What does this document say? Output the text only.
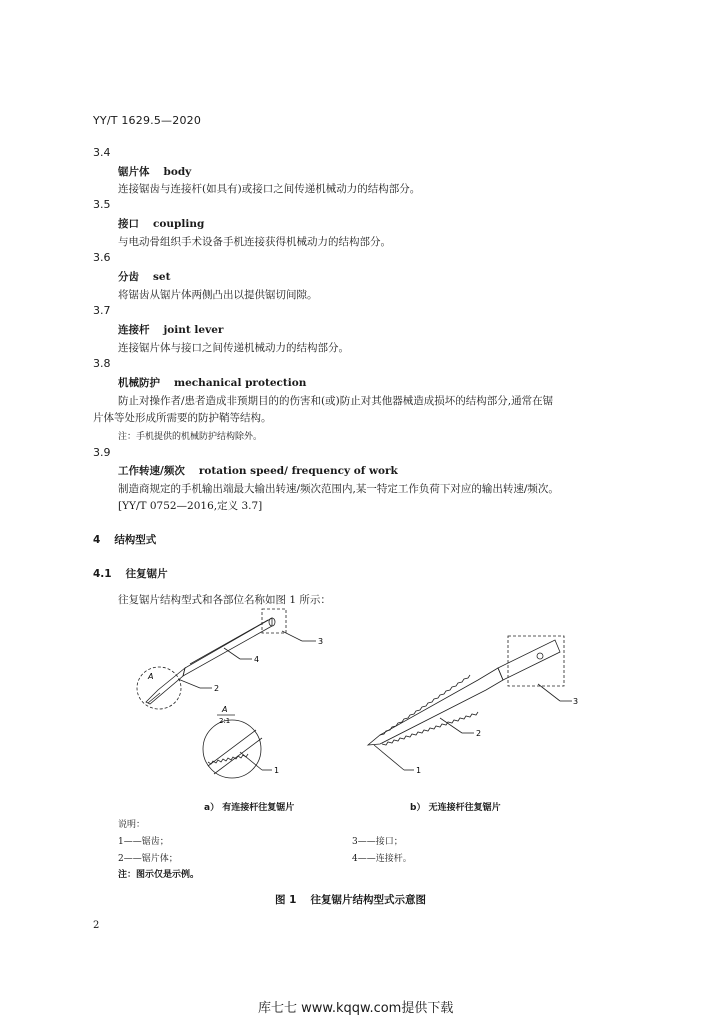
YY/T 1629.5—2020
3.4
锯片体 body
连接锯齿与连接杆(如具有)或接口之间传递机械动力的结构部分。
3.5
接口 coupling
与电动骨组织手术设备手机连接获得机械动力的结构部分。
3.6
分齿 set
将锯齿从锯片体两侧凸出以提供锯切间隙。
3.7
连接杆 joint lever
连接锯片体与接口之间传递机械动力的结构部分。
3.8
机械防护 mechanical protection
防止对操作者/患者造成非预期目的的伤害和(或)防止对其他器械造成损坏的结构部分,通常在锯
片体等处形成所需要的防护鞘等结构。
注：手机提供的机械防护结构除外。
3.9
工作转速/频次 rotation speed/ frequency of work
制造商规定的手机输出端最大输出转速/频次范围内,某一特定工作负荷下对应的输出转速/频次。
[YY/T 0752—2016,定义 3.7]
4 结构型式
4.1 往复锯片
往复锯片结构型式和各部位名称如图 1 所示：
A
A
2:1
3
4
2
1
3
2
1
a） 有连接杆往复锯片	b） 无连接杆往复锯片
说明：
1——锯齿；
2——锯片体；
3——接口；
4——连接杆。
注：图示仅是示例。
图 1 往复锯片结构型式示意图
2
库七七 www.kqqw.com提供下载
